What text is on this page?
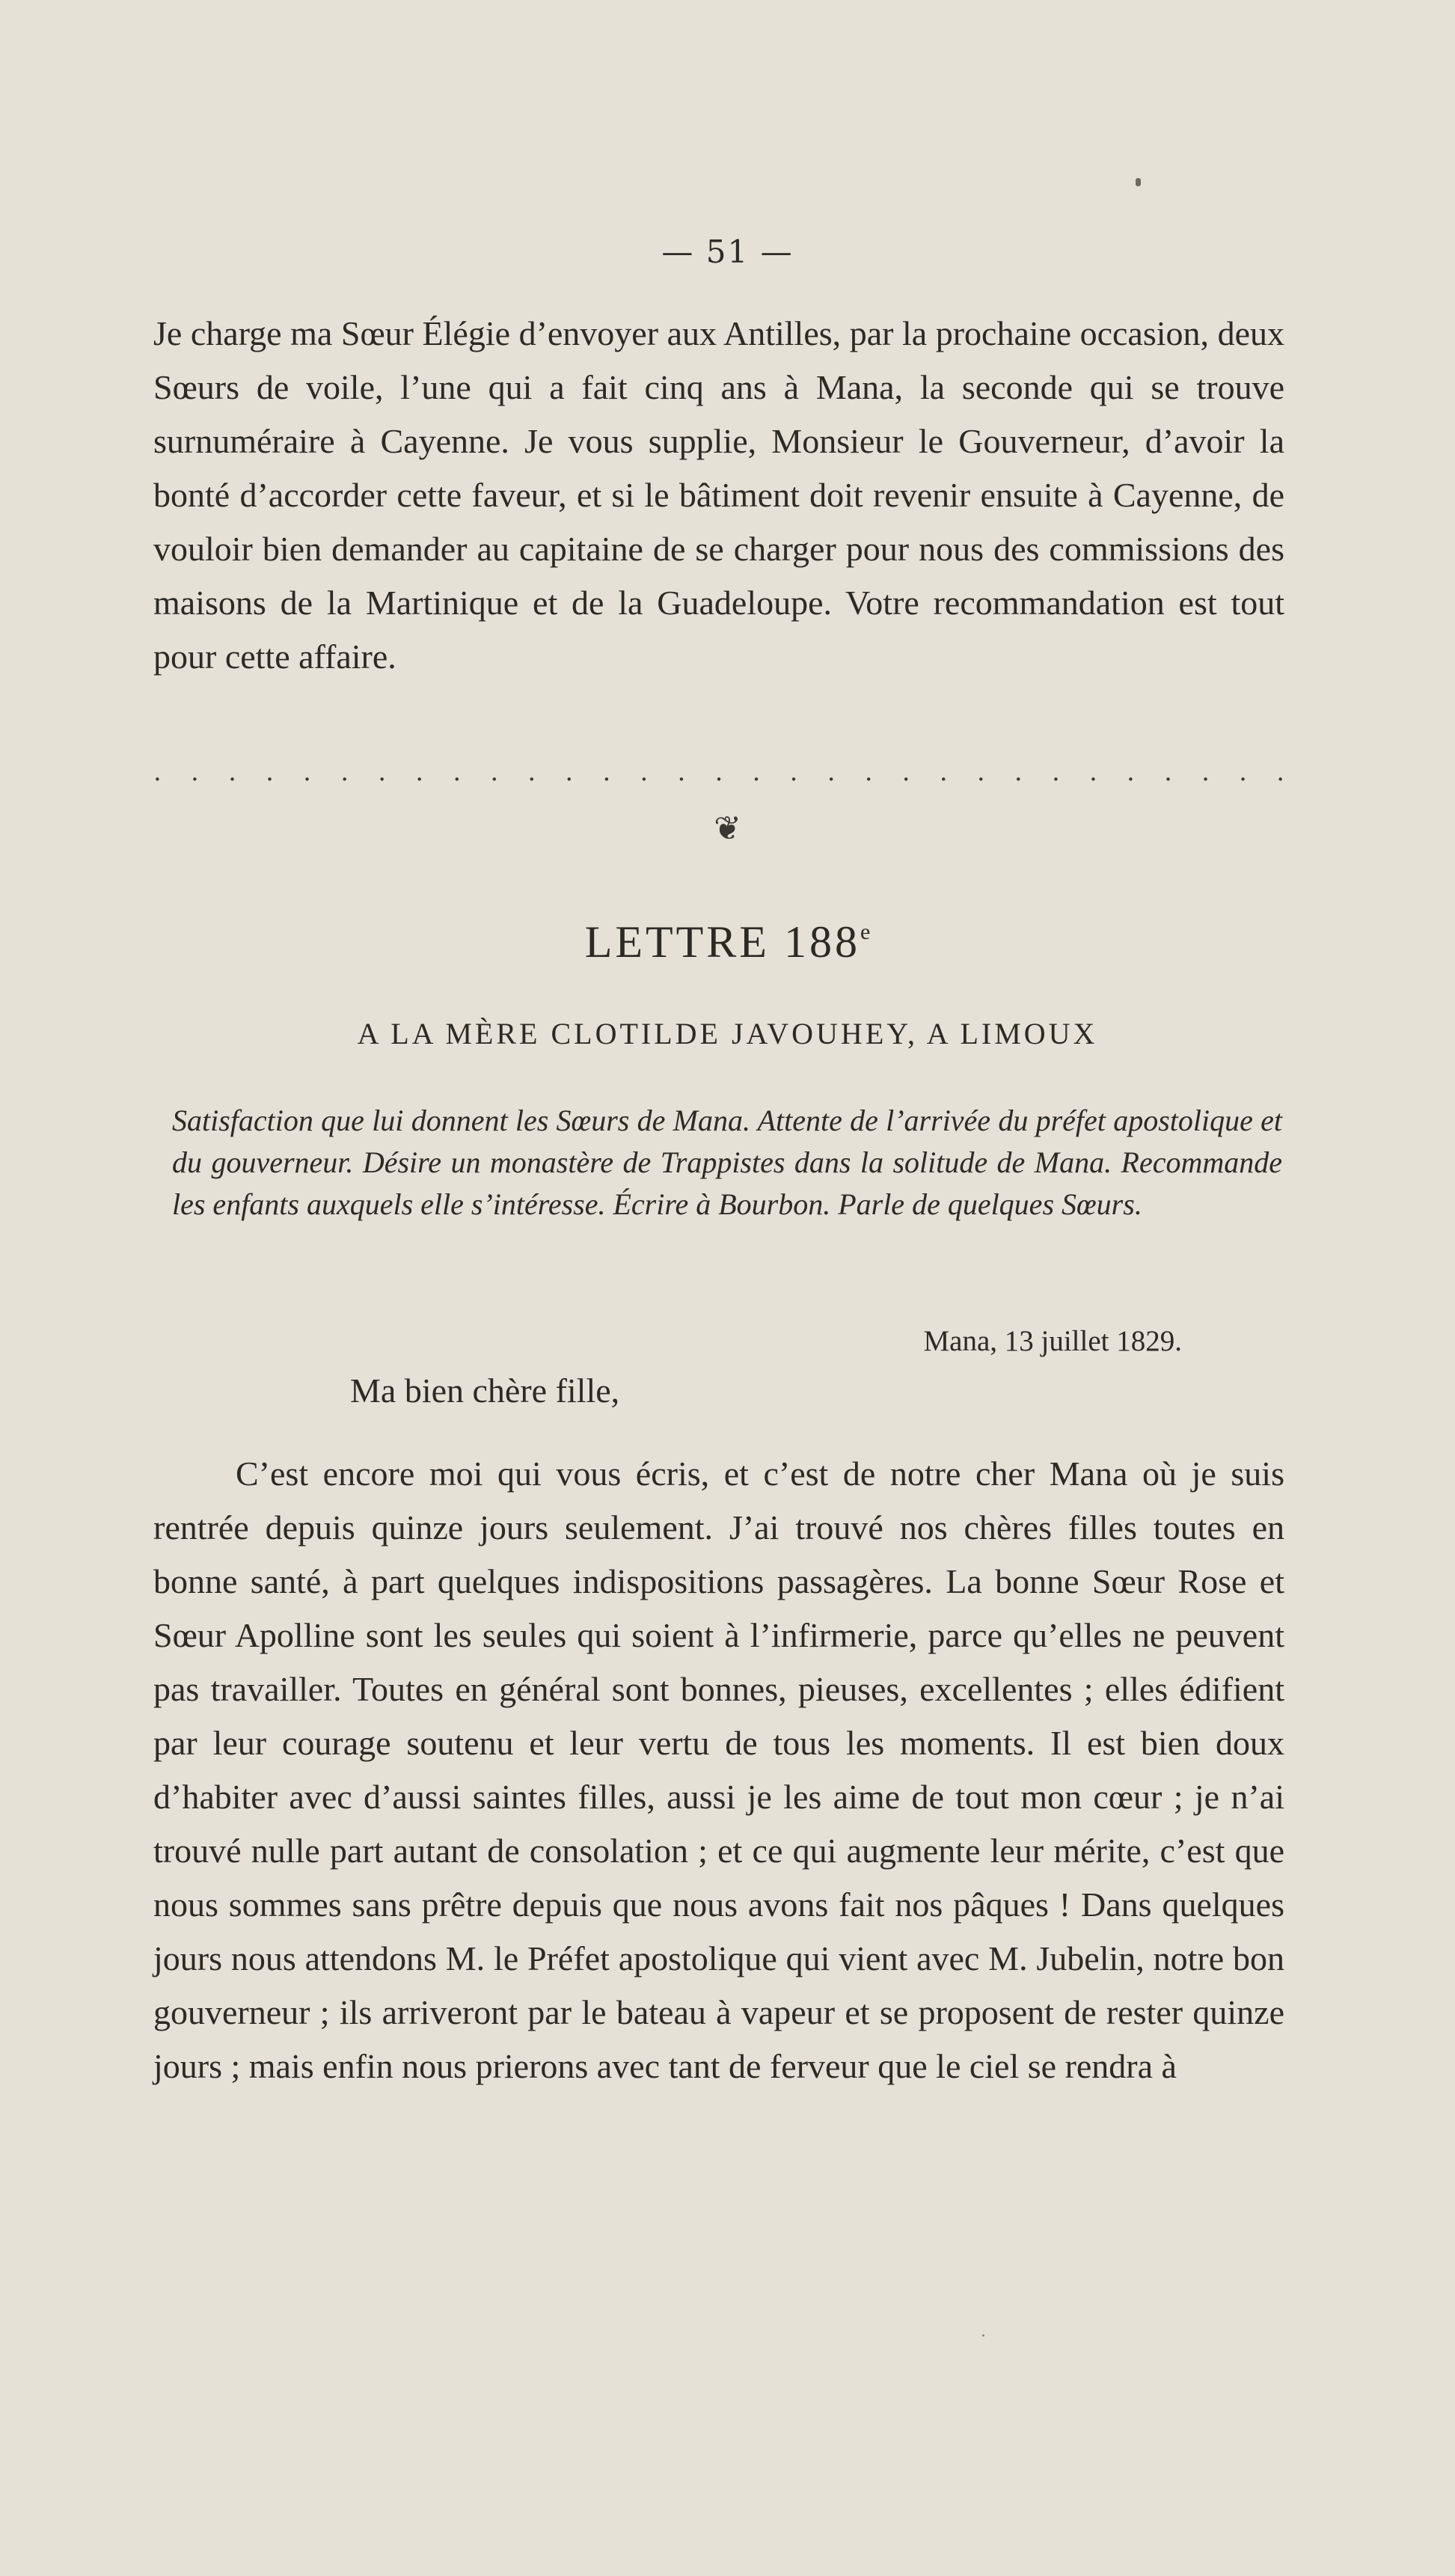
— 51 —

Je charge ma Sœur Élégie d’envoyer aux Antilles, par la prochaine occasion, deux Sœurs de voile, l’une qui a fait cinq ans à Mana, la seconde qui se trouve surnuméraire à Cayenne. Je vous supplie, Monsieur le Gouverneur, d’avoir la bonté d’accorder cette faveur, et si le bâtiment doit revenir ensuite à Cayenne, de vouloir bien demander au capitaine de se charger pour nous des commissions des maisons de la Martinique et de la Guadeloupe. Votre recommandation est tout pour cette affaire.

. . . . . . . . . . . . . . . . . . . . . . . . . . . . . . .
❦
LETTRE 188e
A LA MÈRE CLOTILDE JAVOUHEY, A LIMOUX

Satisfaction que lui donnent les Sœurs de Mana. Attente de l’arrivée du préfet apostolique et du gouverneur. Désire un monastère de Trappistes dans la solitude de Mana. Recommande les enfants auxquels elle s’intéresse. Écrire à Bourbon. Parle de quelques Sœurs.

Mana, 13 juillet 1829.
Ma bien chère fille,

C’est encore moi qui vous écris, et c’est de notre cher Mana où je suis rentrée depuis quinze jours seulement. J’ai trouvé nos chères filles toutes en bonne santé, à part quelques indispositions passagères. La bonne Sœur Rose et Sœur Apolline sont les seules qui soient à l’infirmerie, parce qu’elles ne peuvent pas travailler. Toutes en général sont bonnes, pieuses, excellentes ; elles édifient par leur courage soutenu et leur vertu de tous les moments. Il est bien doux d’habiter avec d’aussi saintes filles, aussi je les aime de tout mon cœur ; je n’ai trouvé nulle part autant de consolation ; et ce qui augmente leur mérite, c’est que nous sommes sans prêtre depuis que nous avons fait nos pâques ! Dans quelques jours nous attendons M. le Préfet apostolique qui vient avec M. Jubelin, notre bon gouverneur ; ils arriveront par le bateau à vapeur et se proposent de rester quinze jours ; mais enfin nous prierons avec tant de ferveur que le ciel se rendra à
